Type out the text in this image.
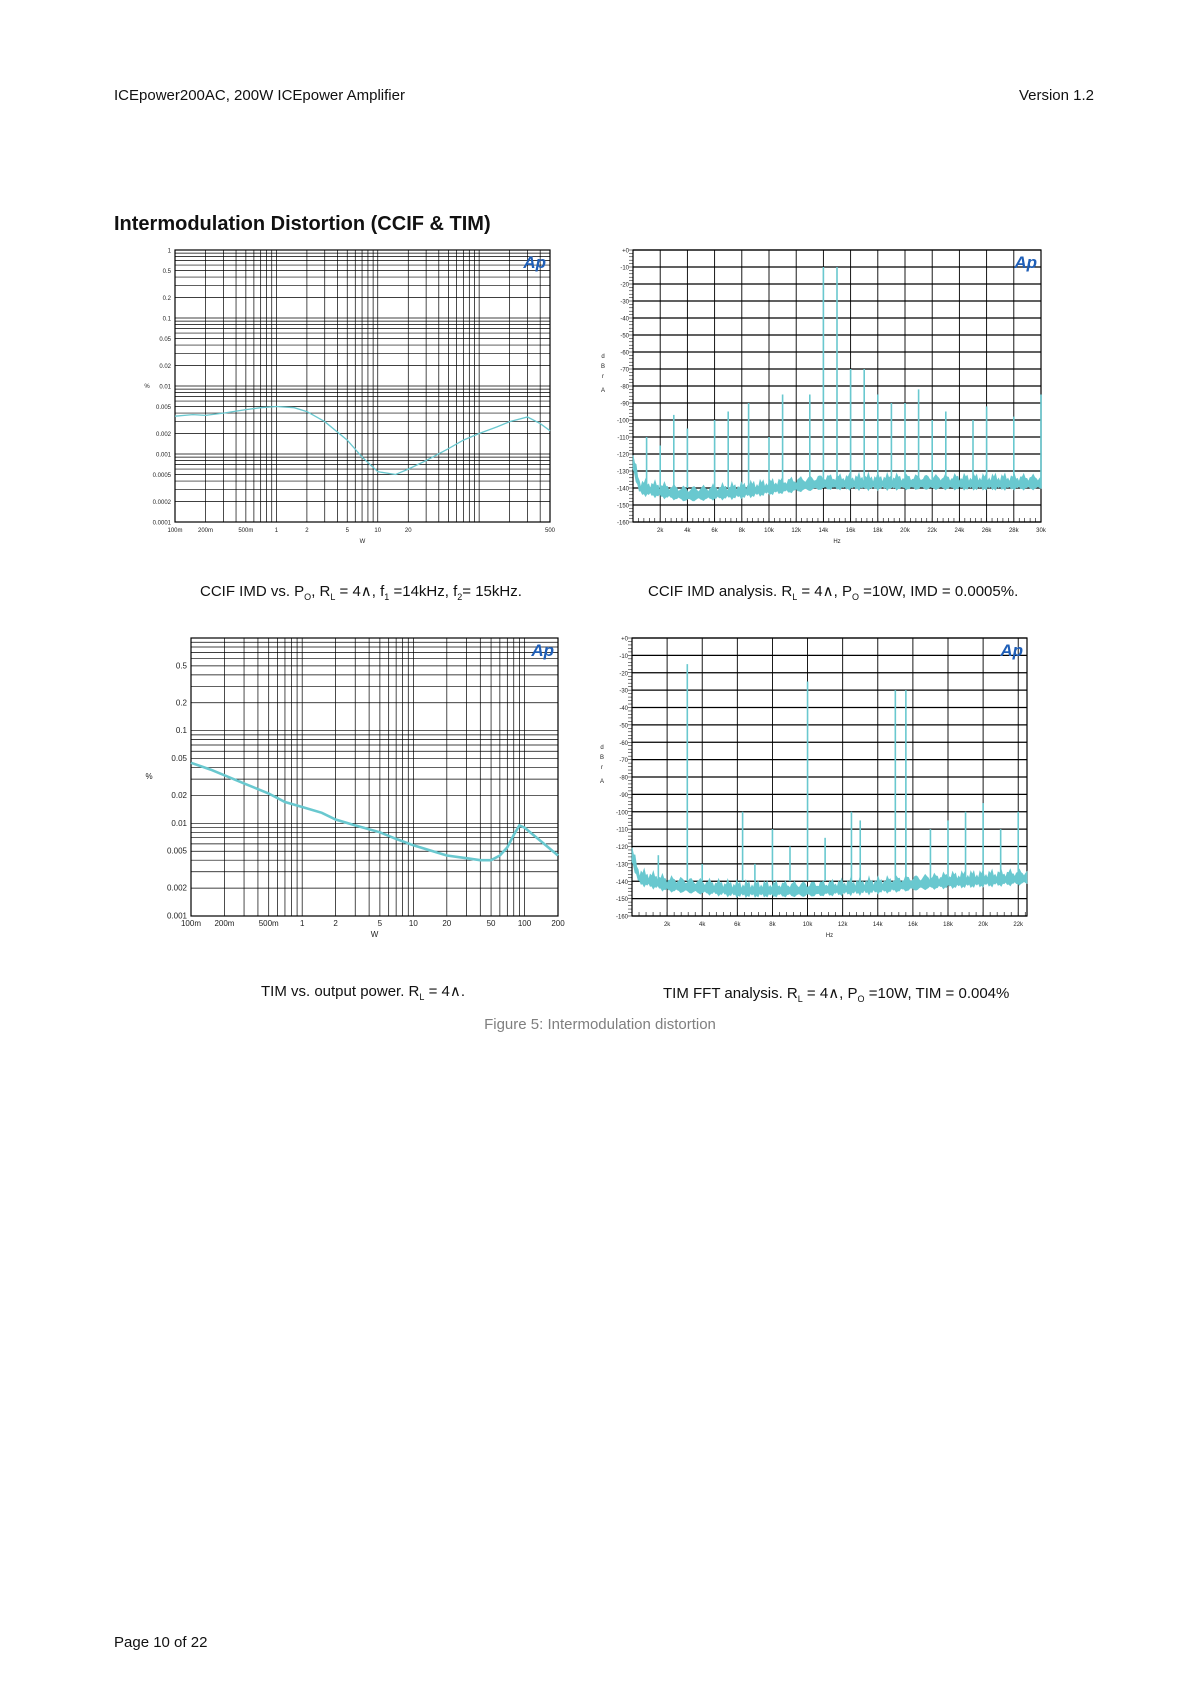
ICEpower200AC, 200W ICEpower Amplifier	Version 1.2
Intermodulation Distortion (CCIF & TIM)
100m	200m	500m	1	2	5	10	20	500
1
0.5
0.2
0.1
0.05
0.02
0.01
0.005
0.002
0.001
0.0005
0.0002
0.0001
W
%
Ap
2k	4k	6k	8k	10k	12k	14k	16k	18k	20k	22k	24k	26k	28k	30k
+0
-10
-20
-30
-40
-50
-60
-70
-80
-90
-100
-110
-120
-130
-140
-150
-160
Hz
d
B
r
A
Ap
100m 200m	500m	1	2	5	10	20	50	100	200
0.5
0.2
0.1
0.05
0.02
0.01
0.005
0.002
0.001
W
%
Ap
2k	4k	6k	8k	10k	12k	14k	16k	18k	20k	22k
+0
-10
-20
-30
-40
-50
-60
-70
-80
-90
-100
-110
-120
-130
-140
-150
-160
Hz
d
B
r
A
Ap
CCIF IMD vs. $P_O$, $R_L$ = 4∧, $f_1 =14kHz$, $f_2= 15kHz$.	CCIF IMD analysis. $R_L$ = 4∧, $P_O =10W$, IMD = 0.0005%.
TIM vs. output power. $R_L$ = 4∧.	TIM FFT analysis. $R_L$ = 4∧, $P_O =10W$, TIM = 0.004%
Figure 5: Intermodulation distortion
Page 10 of 22
